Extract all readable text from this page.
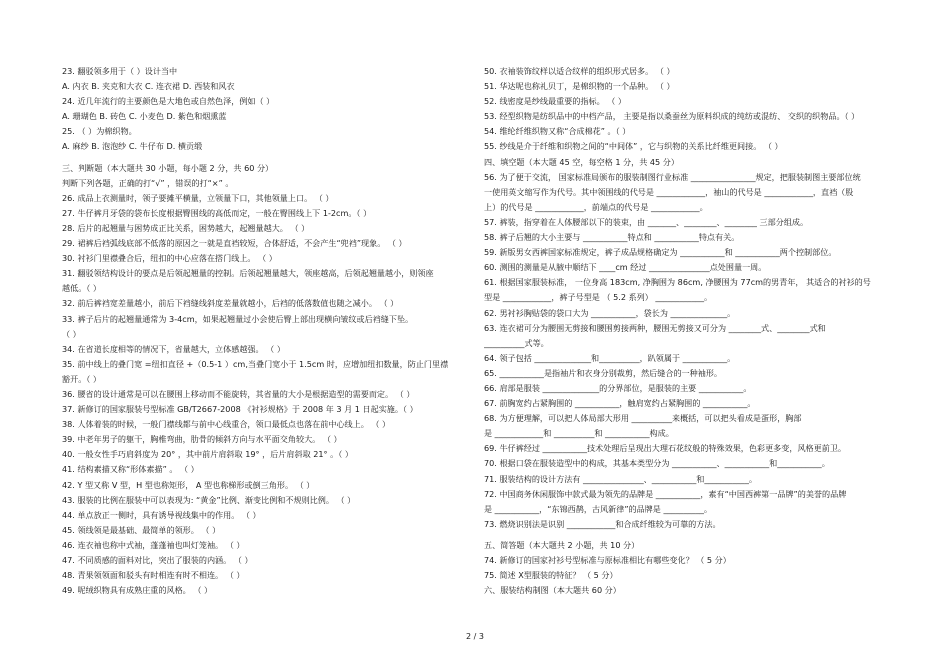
23. 翻驳领多用于（ ）设计当中
A. 内衣 B. 夹克和大衣 C. 连衣裙 D. 西装和风衣
24. 近几年流行的主要颜色是大地色或自然色泽，例如（ ）
A. 珊瑚色 B. 砖色 C. 小麦色 D. 紫色和烟熏蓝
25. （ ）为棉织物。
A. 麻纱 B. 泡泡纱 C. 牛仔布 D. 横贡缎
三、判断题（本大题共 30 小题，每小题 2 分，共 60 分）
判断下列各题，正确的打“√” ，错误的打“×” 。
26. 成品上衣测量时，领子要摊平横量，立领量下口，其他领量上口。 （ ）
27. 牛仔裤月牙袋的袋布长度根据臀围线的高低而定，一般在臀围线上下 1-2cm。（ ）
28. 后片的起翘量与困势成正比关系，困势越大，起翘量越大。 （ ）
29. 裙裤后裆弧线底部不低落的原因之一就是直裆较短，合体舒适，不会产生“兜裆”现象。 （ ）
30. 衬衫门里襟叠合后，纽扣的中心应落在搭门线上。 （ ）
31. 翻驳领结构设计的要点是后领起翘量的控制。后领起翘量越大，领座越高，后领起翘量越小，则领座
越低。（ ）
32. 前后裤裆宽差量越小，前后下裆缝线斜度差量就越小，后裆的低落数值也随之减小。 （ ）
33. 裤子后片的起翘量通常为 3-4cm，如果起翘量过小会使后臀上部出现横向皱纹或后裆缝下坠。
（ ）
34. 在省道长度相等的情况下，省量越大，立体感越强。 （ ）
35. 前中线上的叠门宽 =纽扣直径 +（0.5-1 ）cm,当叠门宽小于 1.5cm 时，应增加纽扣数量，防止门里襟
豁开。（ ）
36. 腰省的设计通常是可以在腰围上移动而不能旋转，其省量的大小是根据造型的需要而定。 （ ）
37. 新修订的国家服装号型标准 GB/T2667-2008 《衬衫规格》于 2008 年 3 月 1 日起实施。（ ）
38. 人体着装的时候，一般门襟线都与前中心线重合，领口最低点也落在前中心线上。 （ ）
39. 中老年男子的躯干，胸椎弯曲，肋骨的倾斜方向与水平面交角较大。 （ ）
40. 一般女性手巧肩斜度为 20° ，其中前片肩斜取 19° ，后片肩斜取 21° 。（ ）
41. 结构素描又称“形体素描” 。 （ ）
42. Y 型又称 V 型，H 型也称矩形， A 型也称梯形或倒三角形。 （ ）
43. 服装的比例在服装中可以表现为: “黄金”比例、渐变比例和不规则比例。 （ ）
44. 单点放正一侧时，具有诱导视线集中的作用。 （ ）
45. 领线领是最基础、最简单的领形。 （ ）
46. 连衣袖也称中式袖，蓬蓬袖也叫灯笼袖。 （ ）
47. 不同质感的面料对比，突出了服装的内涵。 （ ）
48. 青果领领面和驳头有时相连有时不相连。 （ ）
49. 呢绒织物具有成熟庄重的风格。 （ ）
50. 衣袖装饰纹样以适合纹样的组织形式居多。 （ ）
51. 华达呢也称礼贝丁，是棉织物的一个品种。 （ ）
52. 线密度是纱线最重要的指标。 （ ）
53. 经型织物是纺织品中的中档产品， 主要是指以桑蚕丝为原料织成的纯纺或混纺、 交织的织物品。（ ）
54. 维纶纤维织物又称“合成棉花” 。（ ）
55. 纱线是介于纤维和织物之间的“中间体” ，它与织物的关系比纤维更间接。 （ ）
四、填空题（本大题 45 空，每空格 1 分，共 45 分）
56. 为了便于交流， 国家标准局颁布的服装制图行业标准 ________________规定，把服装制图主要部位统
一使用英文缩写作为代号。其中领围线的代号是 ____________，袖山的代号是 ____________，直裆（股
上）的代号是 ____________，前端点的代号是 ____________。
57. 裤装，指穿着在人体腰部以下的装束，由 _______、________、________ 三部分组成。
58. 裤子后翘的大小主要与 ___________特点和 ___________特点有关。
59. 新版男女西裤国家标准规定，裤子成品规格确定为 ___________和 ___________两个控制部位。
60. 测围的测量是从腋中顺结下 ____cm 经过 _______________点处围量一周。
61. 根据国家服装标准， 一位身高 183cm, 净胸围为 86cm, 净腰围为 77cm的男青年， 其适合的衬衫的号
型是 ____________，裤子号型是 （ 5.2 系列） ____________。
62. 男衬衫胸贴袋的袋口大为 ___________，袋长为 ______________。
63. 连衣裙可分为腰围无剪接和腰围剪接两种，腰围无剪接又可分为 ________式、________式和
__________式等。
64. 领子包括 ______________和__________，趴领属于 ___________。
65. ___________是指袖片和衣身分别裁剪，然后缝合的一种袖形。
66. 肩部是服装 ______________的分界部位，是服装的主要 ___________。
67. 前胸宽约占紧胸围的 ___________，触肩宽约占紧胸围的 ___________。
68. 为方便理解，可以把人体局部大形用 __________来概括，可以把头看成是蛋形，胸部
是 ____________和 __________和 ___________构成。
69. 牛仔裤经过 ___________技术处理后呈现出大理石花纹般的特殊效果，色彩更多变，风格更前卫。
70. 根据口袋在服装造型中的构成，其基本类型分为 ___________、___________和___________。
71. 服装结构的设计方法有 _______________、___________和___________。
72. 中国商务休闲服饰中款式最为领先的品牌是 ___________，素有“中国西裤第一品牌”的美誉的品牌
是 ___________，“东锦西鹊，古风新律”的品牌是 __________。
73. 燃烧识别法是识别 ____________和合成纤维较为可靠的方法。
五、简答题（本大题共 2 小题，共 10 分）
74. 新修订的国家衬衫号型标准与原标准相比有哪些变化？ （ 5 分）
75. 简述 X型服装的特征？ （ 5 分）
六、服装结构制图（本大题共 60 分）
2 / 3
